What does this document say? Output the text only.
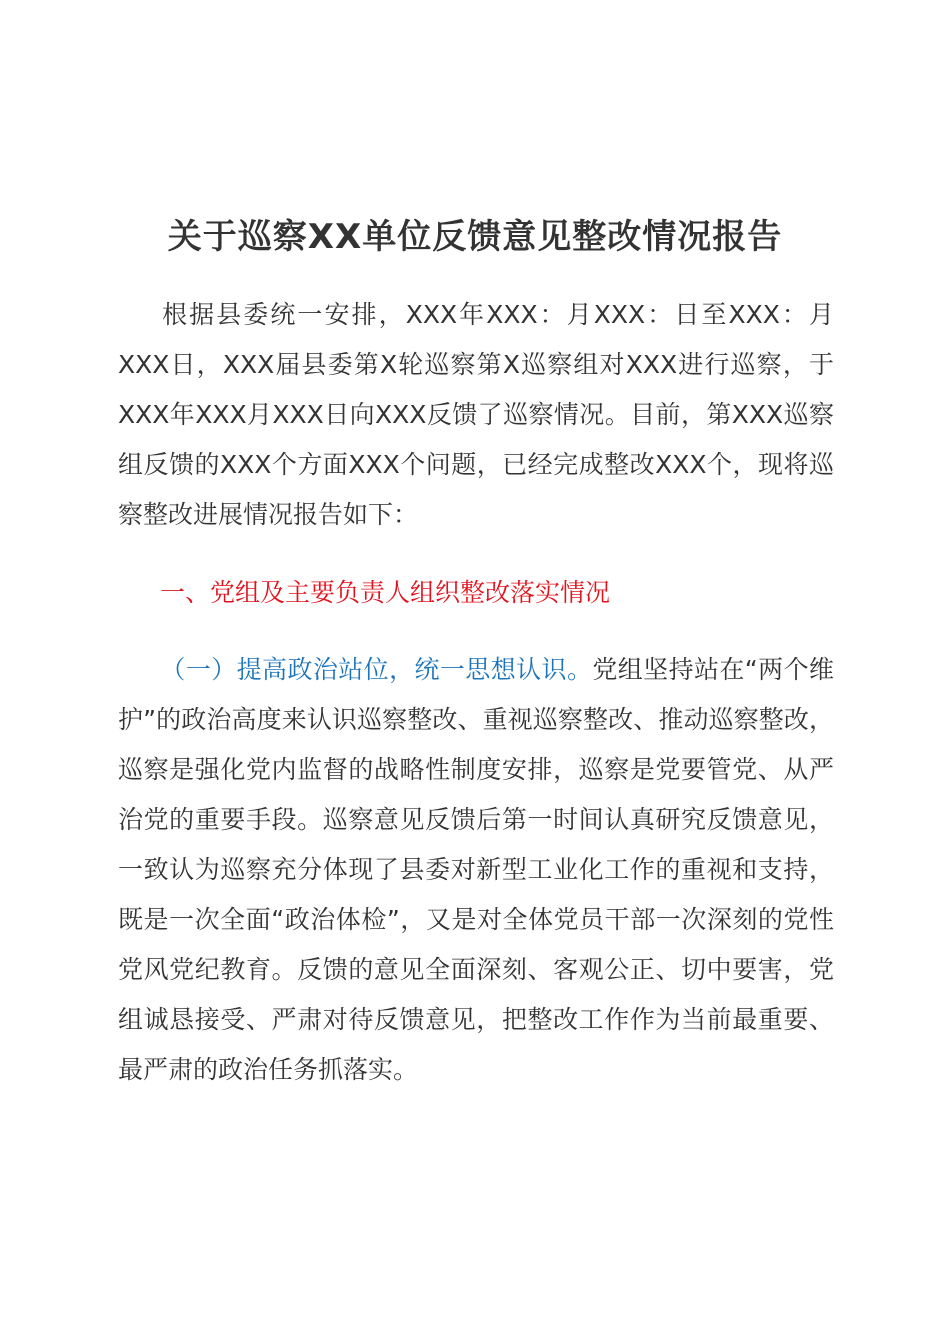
关于巡察XX单位反馈意见整改情况报告

根据县委统一安排，XXX年XXX：月XXX：日至XXX：月XXX日，XXX届县委第X轮巡察第X巡察组对XXX进行巡察，于XXX年XXX月XXX日向XXX反馈了巡察情况。目前，第XXX巡察组反馈的XXX个方面XXX个问题，已经完成整改XXX个，现将巡察整改进展情况报告如下：

一、党组及主要负责人组织整改落实情况

（一）提高政治站位，统一思想认识。党组坚持站在“两个维护”的政治高度来认识巡察整改、重视巡察整改、推动巡察整改，巡察是强化党内监督的战略性制度安排，巡察是党要管党、从严治党的重要手段。巡察意见反馈后第一时间认真研究反馈意见，一致认为巡察充分体现了县委对新型工业化工作的重视和支持，既是一次全面“政治体检”，又是对全体党员干部一次深刻的党性党风党纪教育。反馈的意见全面深刻、客观公正、切中要害，党组诚恳接受、严肃对待反馈意见，把整改工作作为当前最重要、最严肃的政治任务抓落实。
